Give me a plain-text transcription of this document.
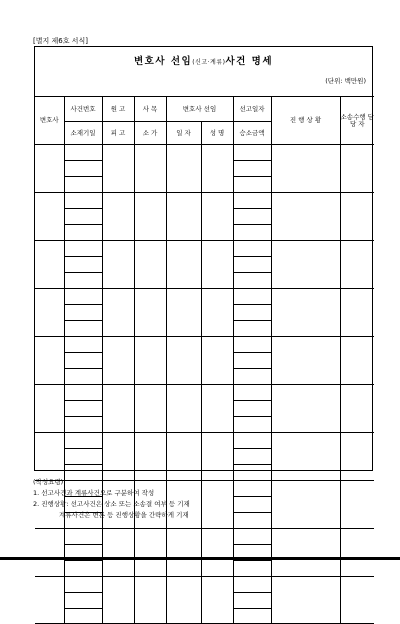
[별지 제6호 서식]
변호사 선임(신고·계류)사건 명세
(단위: 백만원)
변호사	사건번호	원 고	사 목	변호사 선임		선고일자	진 행 상 황	소송수행 담 당 자
	소재기일	피 고	소 가	일 자	성 명	승소금액		

(작성요령)
1. 선고사건과 계류사건으로 구분하여 작성
2. 진행상황: 선고사건은 상소 또는 소송결 여부 등 기재
계류사건은 변론 등 진행상황을 간략하게 기재
